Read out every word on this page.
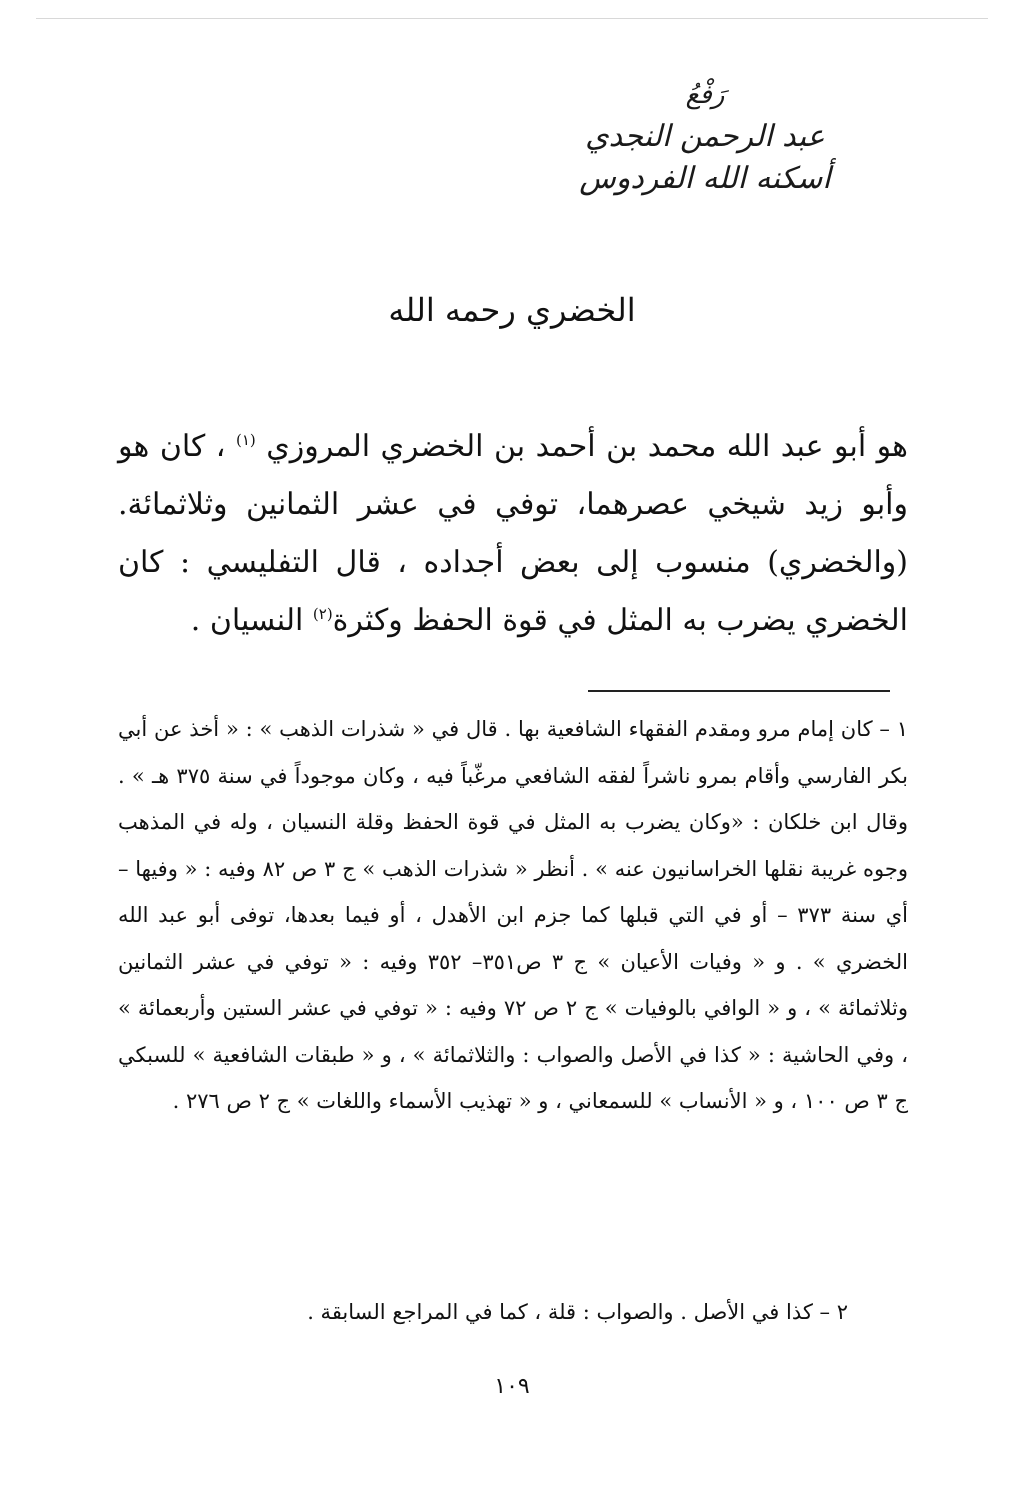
رَفْعُ
عبد الرحمن النجدي
أسكنه الله الفردوس
الخضري رحمه الله
هو أبو عبد الله محمد بن أحمد بن الخضري المروزي $^{(١)}$ ، كان هو وأبو زيد شيخي عصرهما، توفي في عشر الثمانين وثلاثمائة. (والخضري) منسوب إلى بعض أجداده ، قال التفليسي : كان الخضري يضرب به المثل في قوة الحفظ وكثرة$^{(٢)}$ النسيان .
١ – كان إمام مرو ومقدم الفقهاء الشافعية بها . قال في « شذرات الذهب » : « أخذ عن أبي بكر الفارسي وأقام بمرو ناشراً لفقه الشافعي مرغّباً فيه ، وكان موجوداً في سنة ٣٧٥ هـ » . وقال ابن خلكان : «وكان يضرب به المثل في قوة الحفظ وقلة النسيان ، وله في المذهب وجوه غريبة نقلها الخراسانيون عنه » . أنظر « شذرات الذهب » ج ٣ ص ٨٢ وفيه : « وفيها – أي سنة ٣٧٣ – أو في التي قبلها كما جزم ابن الأهدل ، أو فيما بعدها، توفى أبو عبد الله الخضري » . و « وفيات الأعيان » ج ٣ ص٣٥١– ٣٥٢ وفيه : « توفي في عشر الثمانين وثلاثمائة » ، و « الوافي بالوفيات » ج ٢ ص ٧٢ وفيه : « توفي في عشر الستين وأربعمائة » ، وفي الحاشية : « كذا في الأصل والصواب : والثلاثمائة » ، و « طبقات الشافعية » للسبكي ج ٣ ص ١٠٠ ، و « الأنساب » للسمعاني ، و « تهذيب الأسماء واللغات » ج ٢ ص ٢٧٦ .
٢ – كذا في الأصل . والصواب : قلة ، كما في المراجع السابقة .
١٠٩
